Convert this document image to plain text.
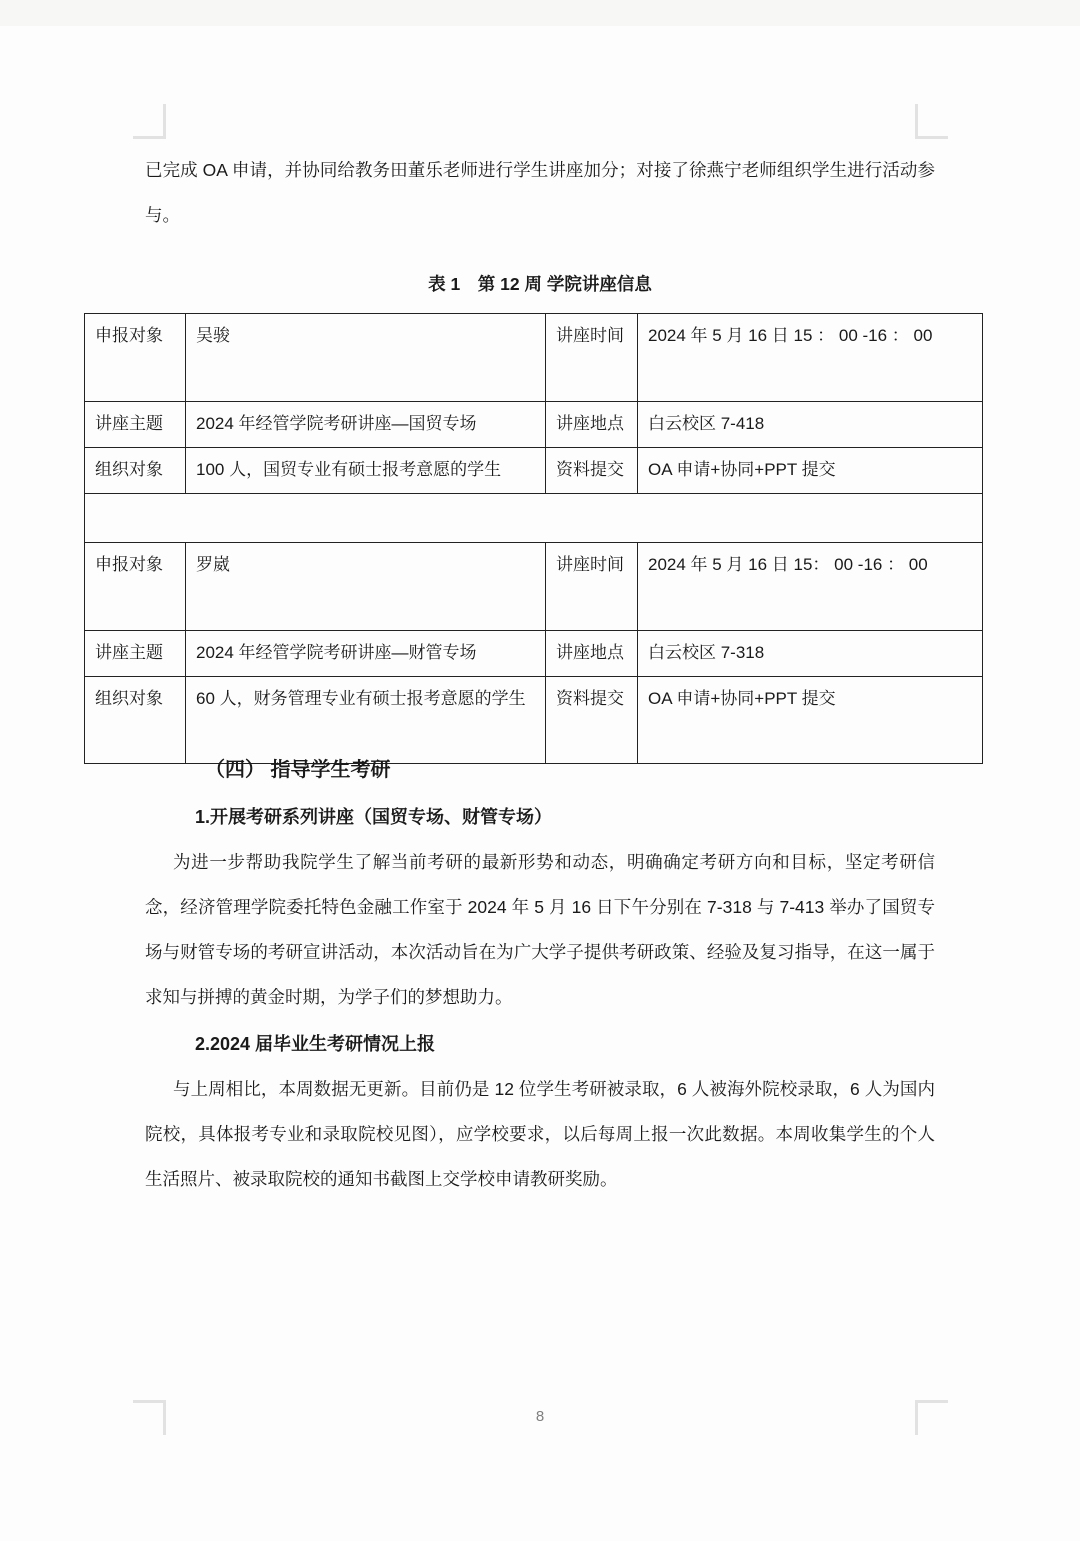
已完成 OA 申请，并协同给教务田董乐老师进行学生讲座加分；对接了徐燕宁老师组织学生进行活动参与。

表 1　第 12 周 学院讲座信息
申报对象	吴骏	讲座时间	2024 年 5 月 16 日 15 ： 00 -16 ： 00
讲座主题	2024 年经管学院考研讲座—国贸专场	讲座地点	白云校区 7-418
组织对象	100 人，国贸专业有硕士报考意愿的学生	资料提交	OA 申请+协同+PPT 提交

申报对象	罗崴	讲座时间	2024 年 5 月 16 日 15： 00 -16 ： 00
讲座主题	2024 年经管学院考研讲座—财管专场	讲座地点	白云校区 7-318
组织对象	60 人，财务管理专业有硕士报考意愿的学生	资料提交	OA 申请+协同+PPT 提交
（四） 指导学生考研
1.开展考研系列讲座（国贸专场、财管专场）

为进一步帮助我院学生了解当前考研的最新形势和动态，明确确定考研方向和目标，坚定考研信念，经济管理学院委托特色金融工作室于 2024 年 5 月 16 日下午分别在 7-318 与 7-413 举办了国贸专场与财管专场的考研宣讲活动，本次活动旨在为广大学子提供考研政策、经验及复习指导，在这一属于求知与拼搏的黄金时期，为学子们的梦想助力。

2.2024 届毕业生考研情况上报

与上周相比，本周数据无更新。目前仍是 12 位学生考研被录取，6 人被海外院校录取，6 人为国内院校，具体报考专业和录取院校见图），应学校要求，以后每周上报一次此数据。本周收集学生的个人生活照片、被录取院校的通知书截图上交学校申请教研奖励。

8
